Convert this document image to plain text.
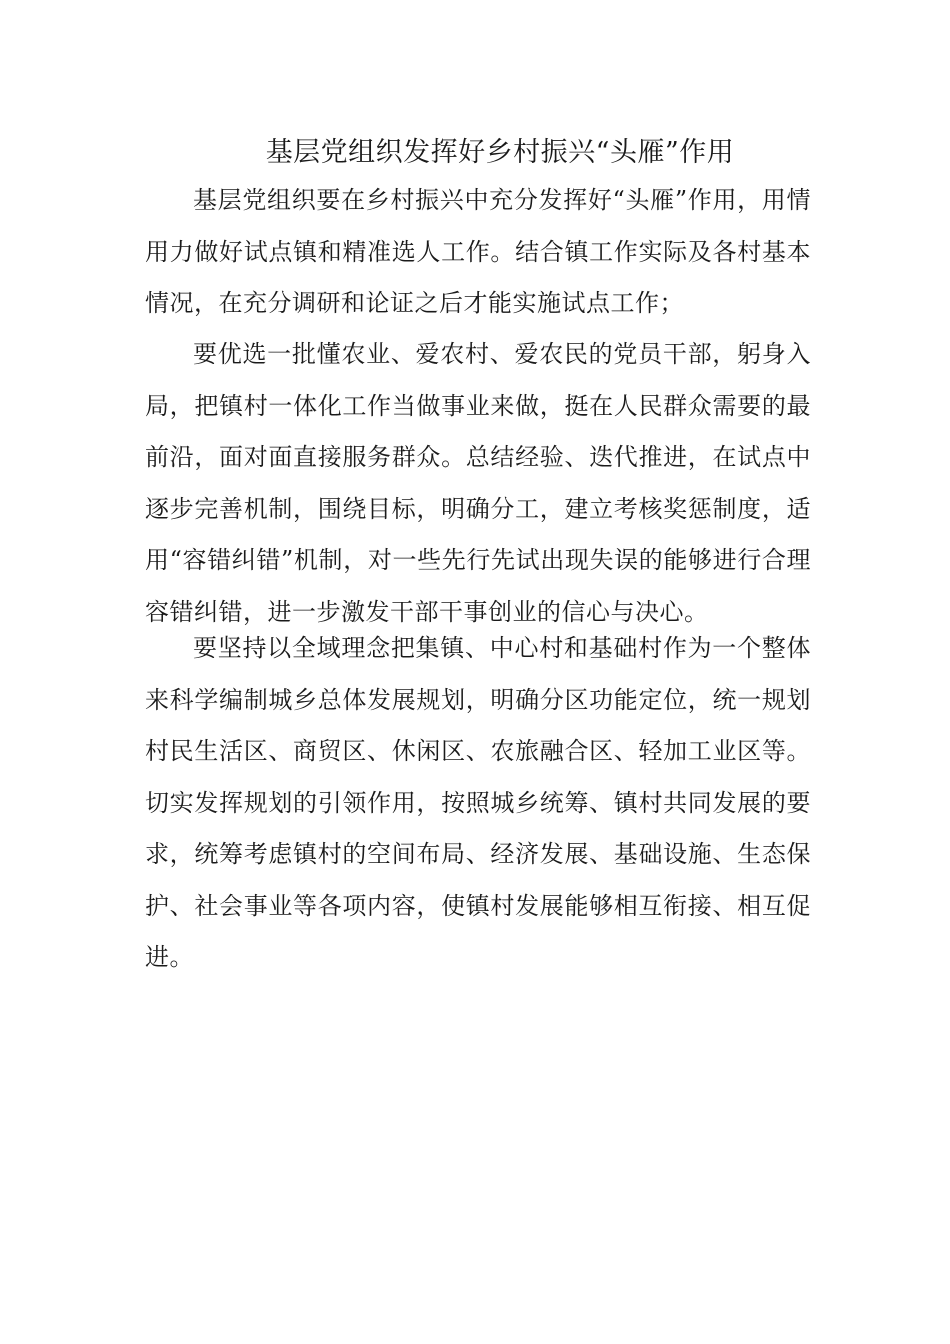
基层党组织发挥好乡村振兴“头雁”作用

基层党组织要在乡村振兴中充分发挥好“头雁”作用，用情用力做好试点镇和精准选人工作。结合镇工作实际及各村基本情况，在充分调研和论证之后才能实施试点工作；

要优选一批懂农业、爱农村、爱农民的党员干部，躬身入局，把镇村一体化工作当做事业来做，挺在人民群众需要的最前沿，面对面直接服务群众。总结经验、迭代推进，在试点中逐步完善机制，围绕目标，明确分工，建立考核奖惩制度，适用“容错纠错”机制，对一些先行先试出现失误的能够进行合理容错纠错，进一步激发干部干事创业的信心与决心。

要坚持以全域理念把集镇、中心村和基础村作为一个整体来科学编制城乡总体发展规划，明确分区功能定位，统一规划村民生活区、商贸区、休闲区、农旅融合区、轻加工业区等。切实发挥规划的引领作用，按照城乡统筹、镇村共同发展的要求，统筹考虑镇村的空间布局、经济发展、基础设施、生态保护、社会事业等各项内容，使镇村发展能够相互衔接、相互促进。
